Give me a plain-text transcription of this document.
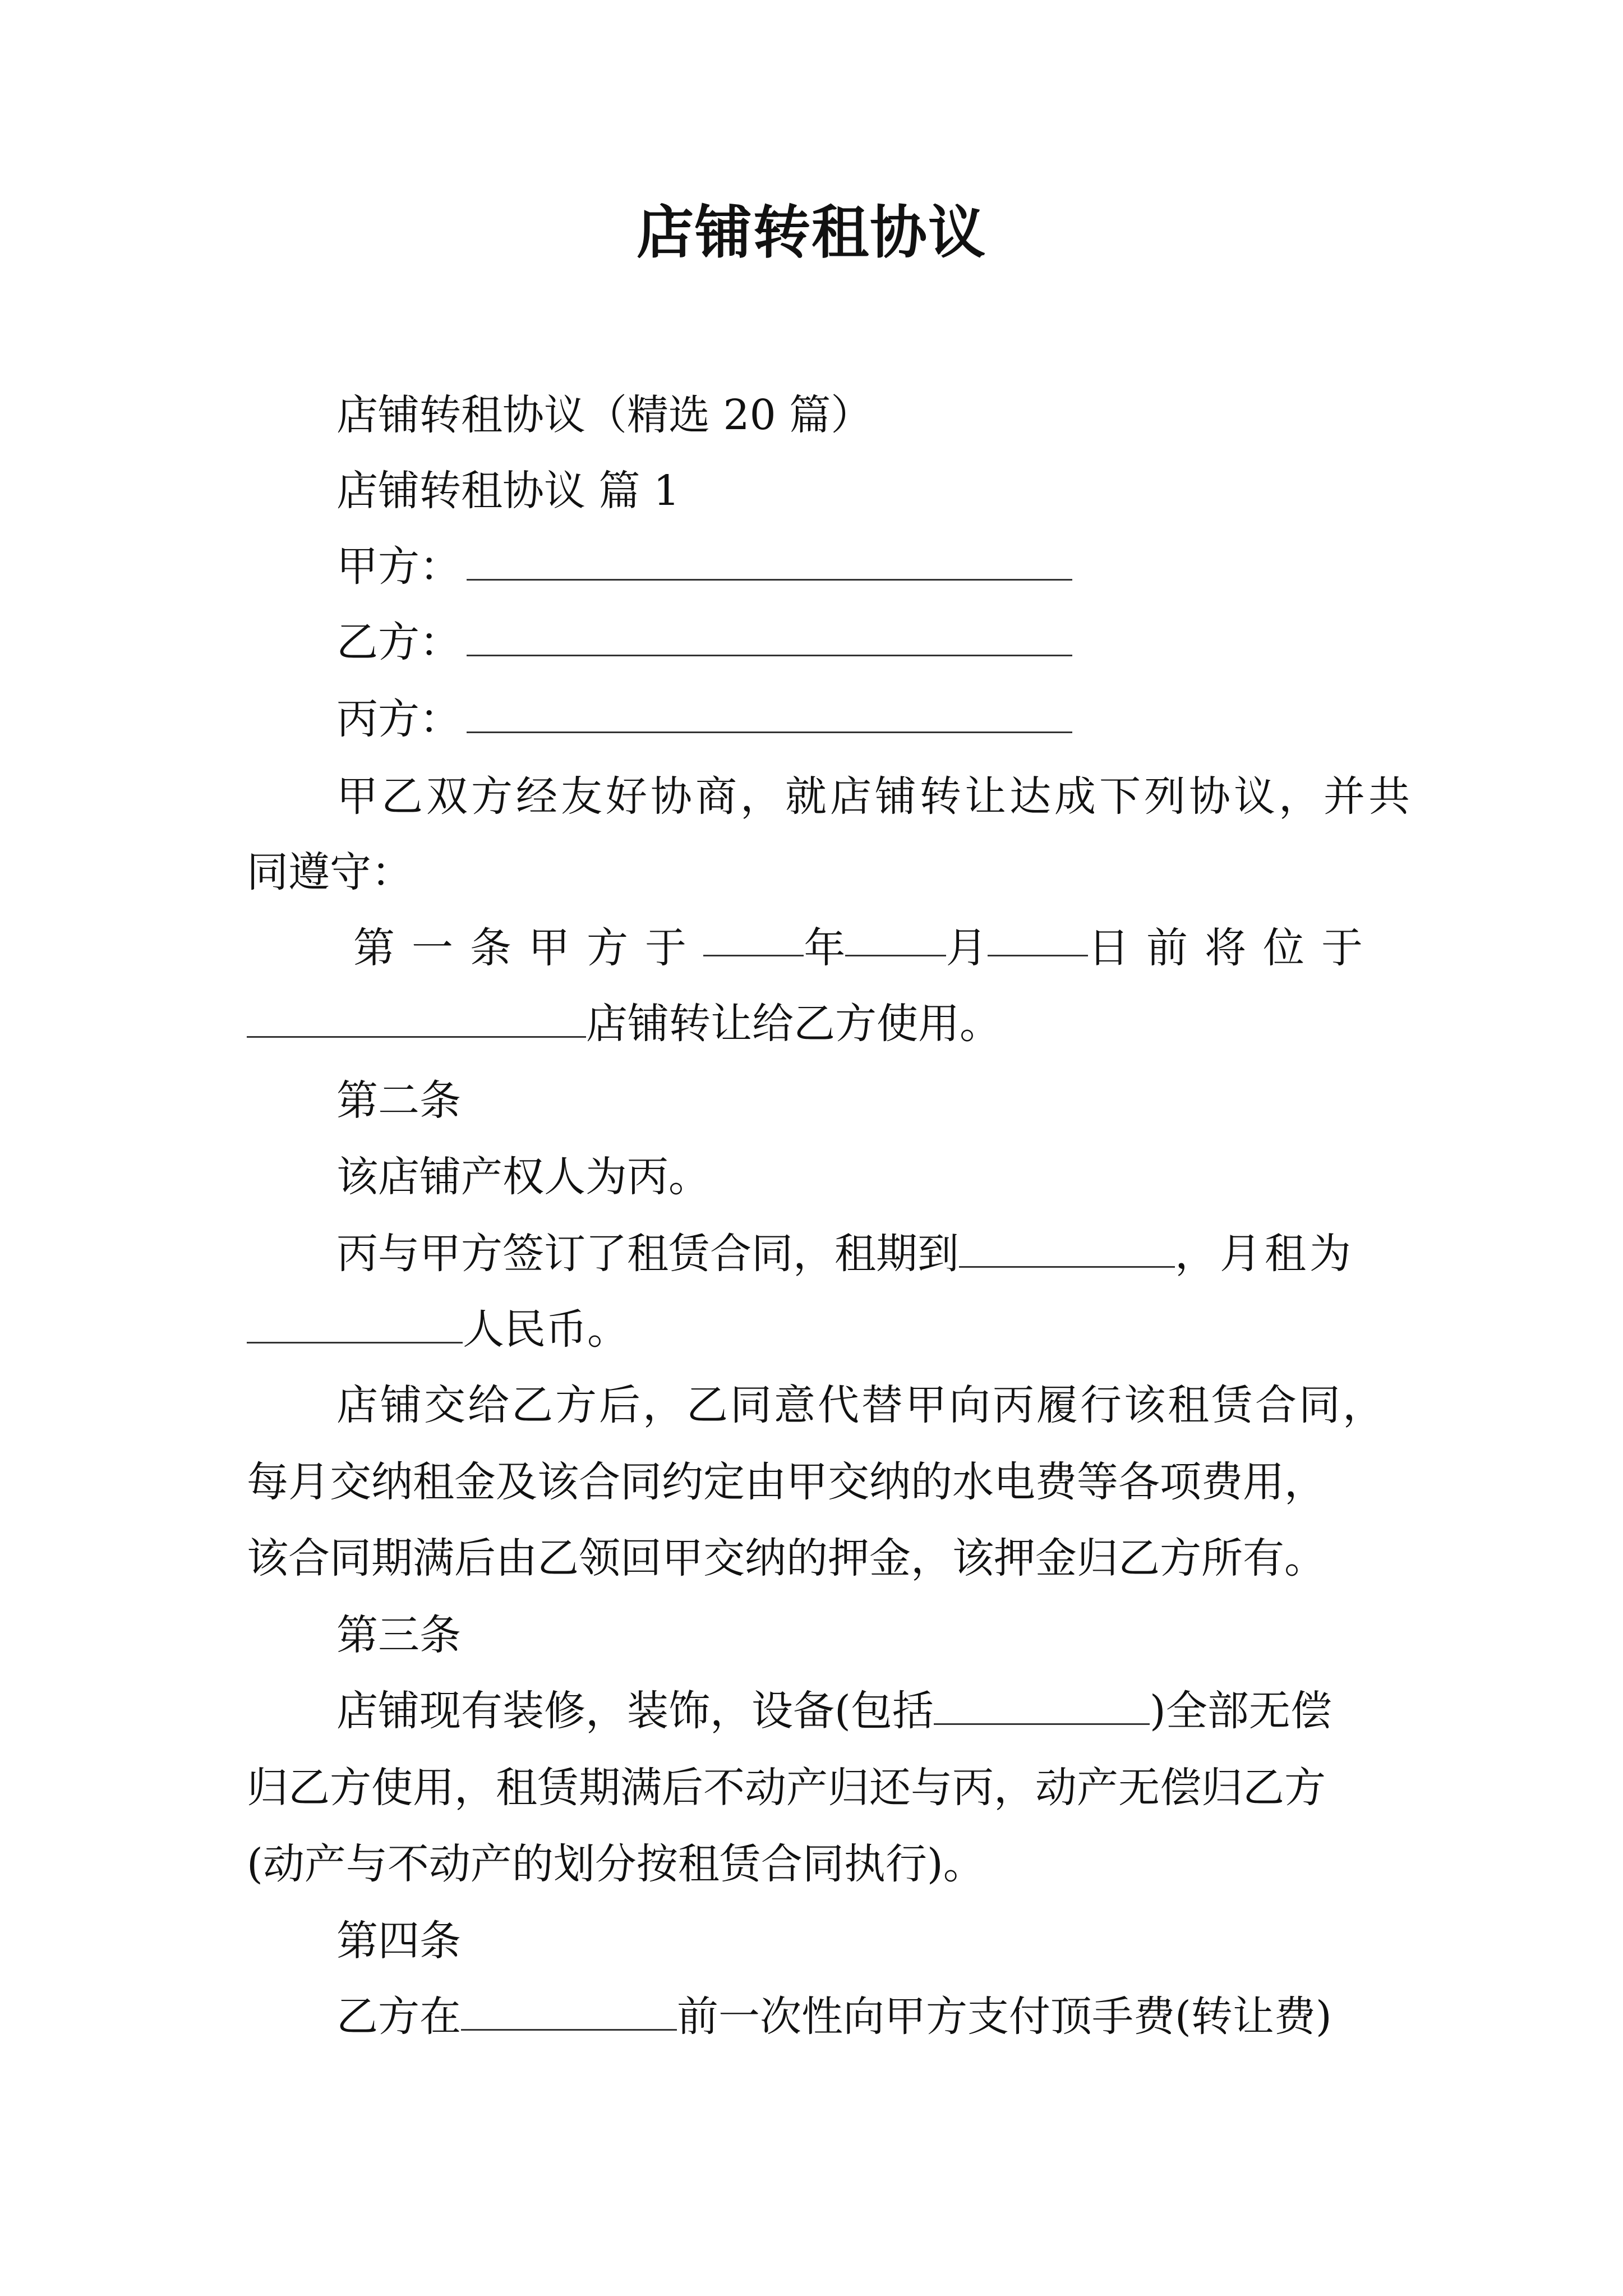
店铺转租协议
店铺转租协议（精选 20 篇）
店铺转租协议 篇 1
甲方：
乙方：
丙方：
甲乙双方经友好协商，就店铺转让达成下列协议，并共
同遵守：
第一条甲方于 年 月 日前将位于
店铺转让给乙方使用。
第二条
该店铺产权人为丙。
丙与甲方签订了租赁合同，租期到	，月租为
人民币。
店铺交给乙方后，乙同意代替甲向丙履行该租赁合同，
每月交纳租金及该合同约定由甲交纳的水电费等各项费用，
该合同期满后由乙领回甲交纳的押金，该押金归乙方所有。
第三条
店铺现有装修，装饰，设备(包括	)全部无偿
归乙方使用，租赁期满后不动产归还与丙，动产无偿归乙方
(动产与不动产的划分按租赁合同执行)。
第四条
乙方在	前一次性向甲方支付顶手费(转让费)
